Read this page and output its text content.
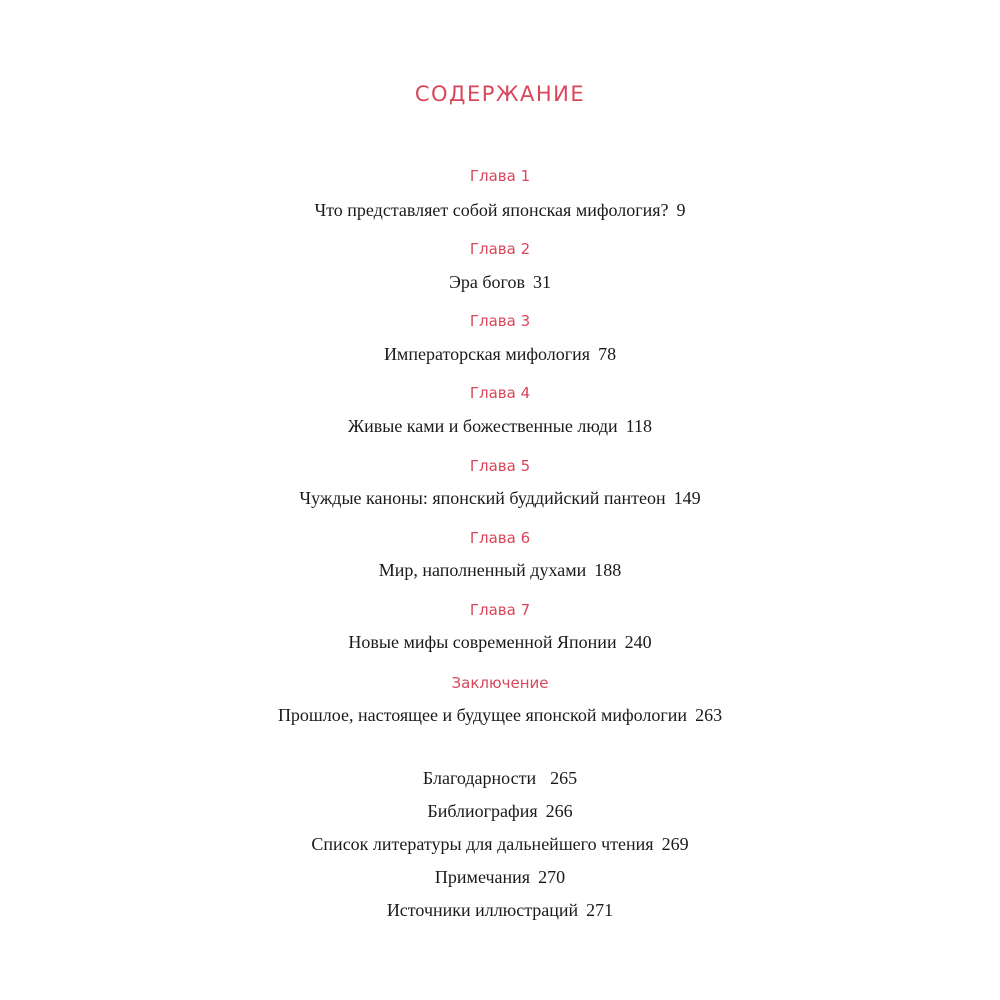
СОДЕРЖАНИЕ
Глава 1
Что представляет собой японская мифология? 9
Глава 2
Эра богов 31
Глава 3
Императорская мифология 78
Глава 4
Живые ками и божественные люди 118
Глава 5
Чуждые каноны: японский буддийский пантеон 149
Глава 6
Мир, наполненный духами 188
Глава 7
Новые мифы современной Японии 240
Заключение
Прошлое, настоящее и будущее японской мифологии 263
Благодарности 265
Библиография 266
Список литературы для дальнейшего чтения 269
Примечания 270
Источники иллюстраций 271
